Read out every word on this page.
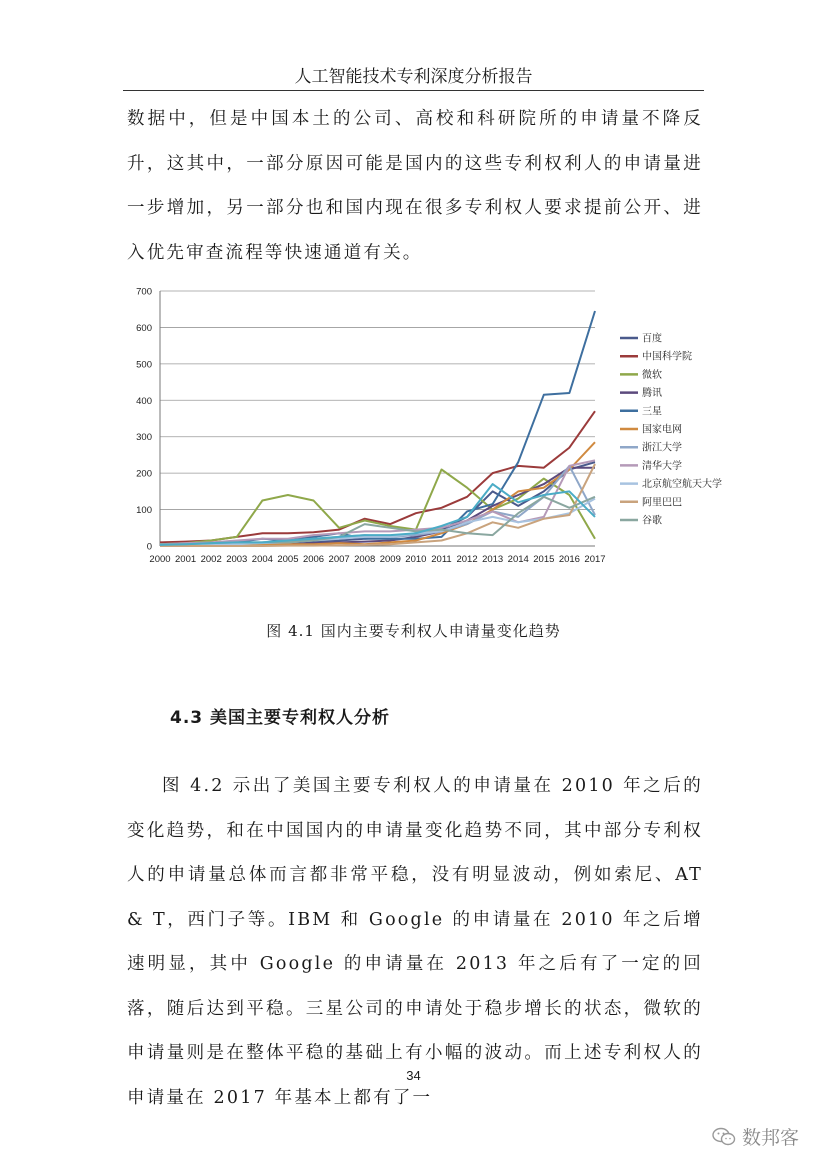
人工智能技术专利深度分析报告

数据中，但是中国本土的公司、高校和科研院所的申请量不降反升，这其中，一部分原因可能是国内的这些专利权利人的申请量进一步增加，另一部分也和国内现在很多专利权人要求提前公开、进入优先审查流程等快速通道有关。

0
100
200
300
400
500
600
700
2000 2001 2002 2003 2004 2005 2006 2007 2008 2009 2010 2011 2012 2013 2014 2015 2016 2017
百度
中国科学院
微软
腾讯
三星
国家电网
浙江大学
清华大学
北京航空航天大学
阿里巴巴
谷歌
图 4.1 国内主要专利权人申请量变化趋势
4.3 美国主要专利权人分析

图 4.2 示出了美国主要专利权人的申请量在 2010 年之后的变化趋势，和在中国国内的申请量变化趋势不同，其中部分专利权人的申请量总体而言都非常平稳，没有明显波动，例如索尼、AT & T，西门子等。IBM 和 Google 的申请量在 2010 年之后增速明显，其中 Google 的申请量在 2013 年之后有了一定的回落，随后达到平稳。三星公司的申请处于稳步增长的状态，微软的申请量则是在整体平稳的基础上有小幅的波动。而上述专利权人的申请量在 2017 年基本上都有了一

34
数邦客
